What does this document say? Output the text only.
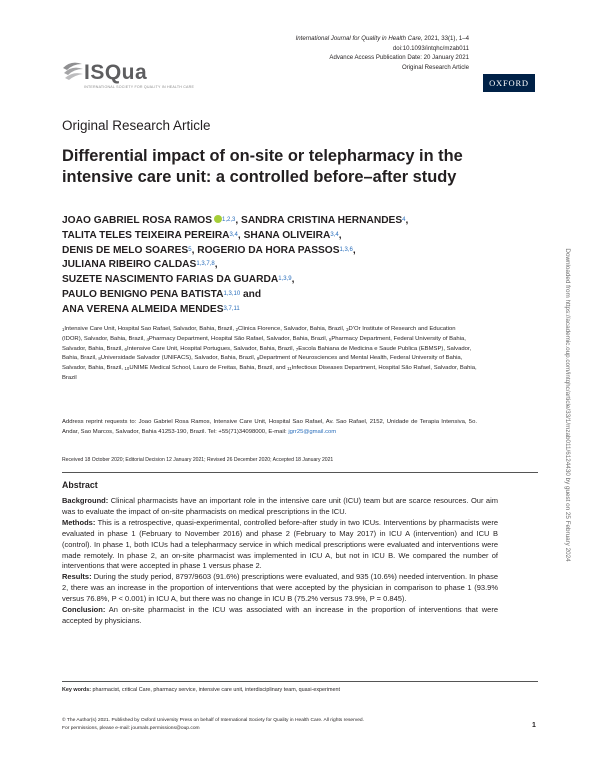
ISQua
INTERNATIONAL SOCIETY FOR QUALITY IN HEALTH CARE
International Journal for Quality in Health Care, 2021, 33(1), 1–4
doi:10.1093/intqhc/mzab011
Advance Access Publication Date: 20 January 2021
Original Research Article
OXFORD
Original Research Article
Differential impact of on-site or telepharmacy in the intensive care unit: a controlled before–after study
JOAO GABRIEL ROSA RAMOS $^{1,2,3}$, SANDRA CRISTINA HERNANDES$^4$,
TALITA TELES TEIXEIRA PEREIRA$^{3,4}$, SHANA OLIVEIRA$^{3,4}$,
DENIS DE MELO SOARES$^5$, ROGERIO DA HORA PASSOS$^{1,3,6}$,
JULIANA RIBEIRO CALDAS$^{1,3,7,8}$,
SUZETE NASCIMENTO FARIAS DA GUARDA$^{1,3,9}$,
PAULO BENIGNO PENA BATISTA$^{1,3,10}$ and
ANA VERENA ALMEIDA MENDES$^{3,7,11}$
$^1$Intensive Care Unit, Hospital Sao Rafael, Salvador, Bahia, Brazil, $^2$Clinica Florence, Salvador, Bahia, Brazil, $^3$D’Or Institute of Research and Education (IDOR), Salvador, Bahia, Brazil, $^4$Pharmacy Department, Hospital São Rafael, Salvador, Bahia, Brazil, $^5$Pharmacy Department, Federal University of Bahia, Salvador, Bahia, Brazil, $^6$Intensive Care Unit, Hospital Portugues, Salvador, Bahia, Brazil, $^7$Escola Bahiana de Medicina e Saude Publica (EBMSP), Salvador, Bahia, Brazil, $^8$Universidade Salvador (UNIFACS), Salvador, Bahia, Brazil, $^9$Department of Neurosciences and Mental Health, Federal University of Bahia, Salvador, Bahia, Brazil, $^{10}$UNIME Medical School, Lauro de Freitas, Bahia, Brazil, and $^{11}$Infectious Diseases Department, Hospital São Rafael, Salvador, Bahia, Brazil
Address reprint requests to: Joao Gabriel Rosa Ramos, Intensive Care Unit, Hospital Sao Rafael, Av. Sao Rafael, 2152, Unidade de Terapia Intensiva, 5o. Andar, Sao Marcos, Salvador, Bahia 41253-190, Brazil. Tel: +55(71)34098000, E-mail: jgrr25@gmail.com
Received 18 October 2020; Editorial Decision 12 January 2021; Revised 26 December 2020; Accepted 18 January 2021
Abstract

Background: Clinical pharmacists have an important role in the intensive care unit (ICU) team but are scarce resources. Our aim was to evaluate the impact of on-site pharmacists on medical prescriptions in the ICU.

Methods: This is a retrospective, quasi-experimental, controlled before-after study in two ICUs. Interventions by pharmacists were evaluated in phase 1 (February to November 2016) and phase 2 (February to May 2017) in ICU A (intervention) and ICU B (control). In phase 1, both ICUs had a telepharmacy service in which medical prescriptions were evaluated and interventions were made remotely. In phase 2, an on-site pharmacist was implemented in ICU A, but not in ICU B. We compared the number of interventions that were accepted in phase 1 versus phase 2.

Results: During the study period, 8797/9603 (91.6%) prescriptions were evaluated, and 935 (10.6%) needed intervention. In phase 2, there was an increase in the proportion of interventions that were accepted by the physician in comparison to phase 1 (93.9% versus 76.8%, P < 0.001) in ICU A, but there was no change in ICU B (75.2% versus 73.9%, P = 0.845).

Conclusion: An on-site pharmacist in the ICU was associated with an increase in the proportion of interventions that were accepted by physicians.

Key words: pharmacist, critical Care, pharmacy service, intensive care unit, interdisciplinary team, quasi-experiment
© The Author(s) 2021. Published by Oxford University Press on behalf of International Society for Quality in Health Care. All rights reserved.
For permissions, please e-mail: journals.permissions@oup.com	1
Downloaded from https://academic.oup.com/intqhc/article/33/1/mzab011/6124430 by guest on 25 February 2024
